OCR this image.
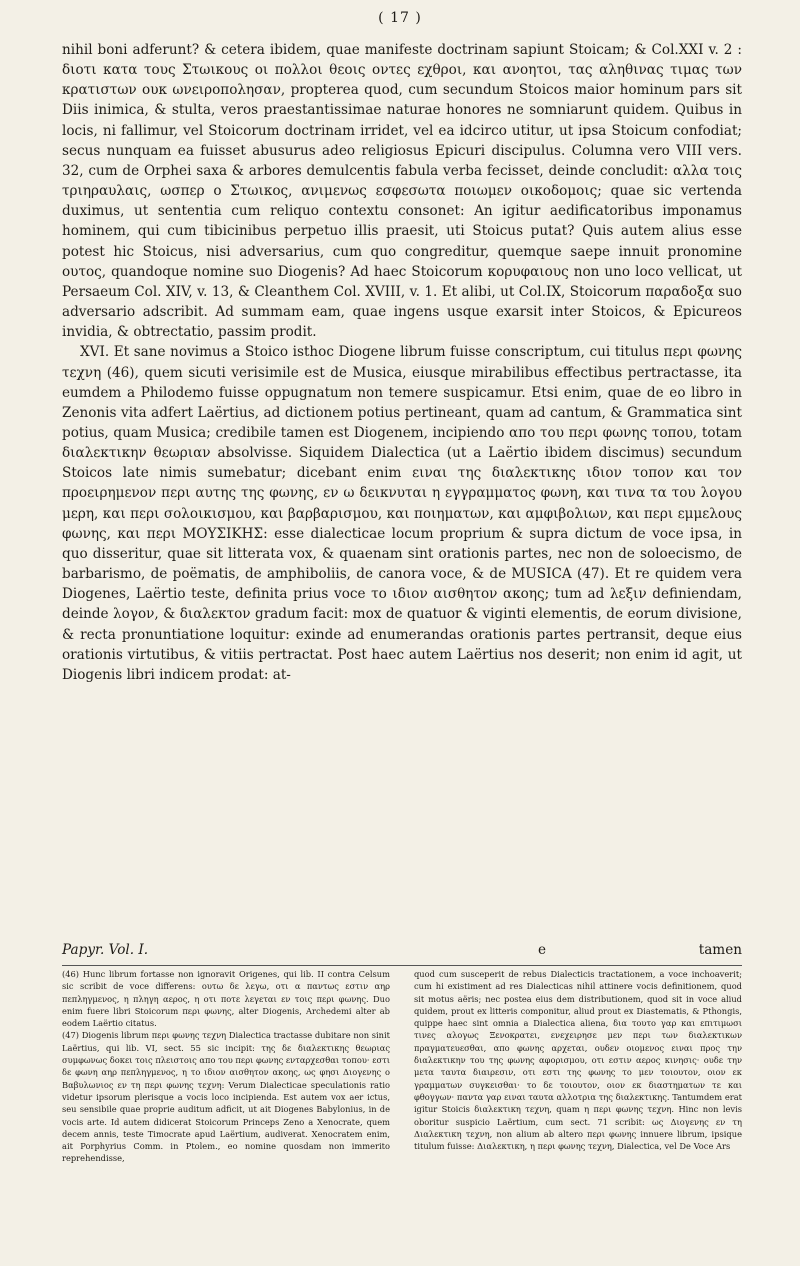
( 17 )

nihil boni adferunt? & cetera ibidem, quae manifeste doctrinam sapiunt Stoicam; & Col.XXI v. 2 : διοτι κατα τους Στωικους οι πολλοι θεοις οντες εχθροι, και ανοητοι, τας αληθινας τιμας των κρατιστων ουκ ωνειροπολησαν, propterea quod, cum secundum Stoicos maior hominum pars sit Diis inimica, & stulta, veros praestantissimae naturae honores ne somniarunt quidem. Quibus in locis, ni fallimur, vel Stoicorum doctrinam irridet, vel ea idcirco utitur, ut ipsa Stoicum confodiat; secus nunquam ea fuisset abusurus adeo religiosus Epicuri discipulus. Columna vero VIII vers. 32, cum de Orphei saxa & arbores demulcentis fabula verba fecisset, deinde concludit: αλλα τοις τριηραυλαις, ωσπερ ο Στωικος, ανιμενως εσφεσωτα ποιωμεν οικοδομοις; quae sic vertenda duximus, ut sententia cum reliquo contextu consonet: An igitur aedificatoribus imponamus hominem, qui cum tibicinibus perpetuo illis praesit, uti Stoicus putat? Quis autem alius esse potest hic Stoicus, nisi adversarius, cum quo congreditur, quemque saepe innuit pronomine ουτος, quandoque nomine suo Diogenis? Ad haec Stoicorum κορυφαιους non uno loco vellicat, ut Persaeum Col. XIV, v. 13, & Cleanthem Col. XVIII, v. 1. Et alibi, ut Col.IX, Stoicorum παραδοξα suo adversario adscribit. Ad summam eam, quae ingens usque exarsit inter Stoicos, & Epicureos invidia, & obtrectatio, passim prodit.

XVI. Et sane novimus a Stoico isthoc Diogene librum fuisse conscriptum, cui titulus περι φωνης τεχνη (46), quem sicuti verisimile est de Musica, eiusque mirabilibus effectibus pertractasse, ita eumdem a Philodemo fuisse oppugnatum non temere suspicamur. Etsi enim, quae de eo libro in Zenonis vita adfert Laërtius, ad dictionem potius pertineant, quam ad cantum, & Grammatica sint potius, quam Musica; credibile tamen est Diogenem, incipiendo απο του περι φωνης τοπου, totam διαλεκτικην θεωριαν absolvisse. Siquidem Dialectica (ut a Laërtio ibidem discimus) secundum Stoicos late nimis sumebatur; dicebant enim ειναι της διαλεκτικης ιδιον τοπον και τον προειρημενον περι αυτης της φωνης, εν ω δεικνυται η εγγραμματος φωνη, και τινα τα του λογου μερη, και περι σολοικισμου, και βαρβαρισμου, και ποιηματων, και αμφιβολιων, και περι εμμελους φωνης, και περι ΜΟΥΣΙΚΗΣ: esse dialecticae locum proprium & supra dictum de voce ipsa, in quo disseritur, quae sit litterata vox, & quaenam sint orationis partes, nec non de soloecismo, de barbarismo, de poëmatis, de amphiboliis, de canora voce, & de MUSICA (47). Et re quidem vera Diogenes, Laërtio teste, definita prius voce το ιδιον αισθητον ακοης; tum ad λεξιν definiendam, deinde λογον, & διαλεκτον gradum facit: mox de quatuor & viginti elementis, de eorum divisione, & recta pronuntiatione loquitur: exinde ad enumerandas orationis partes pertransit, deque eius orationis virtutibus, & vitiis pertractat. Post haec autem Laërtius nos deserit; non enim id agit, ut Diogenis libri indicem prodat: at-

Papyr. Vol. I.	e	tamen

(46) Hunc librum fortasse non ignoravit Origenes, qui lib. II contra Celsum sic scribit de voce differens: ουτω δε λεγω, οτι α παντως εστιν αηρ πεπληγμενος, η πληγη αερος, η οτι ποτε λεγεται εν τοις περι φωνης. Duo enim fuere libri Stoicorum περι φωνης, alter Diogenis, Archedemi alter ab eodem Laërtio citatus.

(47) Diogenis librum περι φωνης τεχνη Dialectica tractasse dubitare non sinit Laërtius, qui lib. VI, sect. 55 sic incipit: της δε διαλεκτικης θεωριας συμφωνως δοκει τοις πλειστοις απο του περι φωνης ενταρχεσθαι τοπου· εστι δε φωνη αηρ πεπληγμενος, η το ιδιον αισθητον ακοης, ως φησι Διογενης ο Βαβυλωνιος εν τη περι φωνης τεχνη: Verum Dialecticae speculationis ratio videtur ipsorum plerisque a vocis loco incipienda. Est autem vox aer ictus, seu sensibile quae proprie auditum adficit, ut ait Diogenes Babylonius, in de vocis arte. Id autem didicerat Stoicorum Princeps Zeno a Xenocrate, quem decem annis, teste Timocrate apud Laërtium, audiverat. Xenocratem enim, ait Porphyrius Comm. in Ptolem., eo nomine quosdam non immerito reprehendisse,

quod cum susceperit de rebus Dialecticis tractationem, a voce inchoaverit; cum hi existiment ad res Dialecticas nihil attinere vocis definitionem, quod sit motus aëris; nec postea eius dem distributionem, quod sit in voce aliud quidem, prout ex litteris componitur, aliud prout ex Diastematis, & Pthongis, quippe haec sint omnia a Dialectica aliena, δια τουτο γαρ και επιτιμωσι τινες αλογως Ξενοκρατει, ενεχειρησε μεν περι των διαλεκτικων πραγματευεσθαι, απο φωνης αρχεται, ουδεν οιομενος ειναι προς την διαλεκτικην του της φωνης αφορισμου, οτι εστιν αερος κινησις· ουδε την μετα ταυτα διαιρεσιν, οτι εστι της φωνης το μεν τοιουτον, οιον εκ γραμματων συγκεισθαι· το δε τοιουτον, οιον εκ διαστηματων τε και φθογγων· παντα γαρ ειναι ταυτα αλλοτρια της διαλεκτικης. Tantumdem erat igitur Stoicis διαλεκτικη τεχνη, quam η περι φωνης τεχνη. Hinc non levis oboritur suspicio Laërtium, cum sect. 71 scribit: ως Διογενης εν τη Διαλεκτικη τεχνη, non alium ab altero περι φωνης innuere librum, ipsique titulum fuisse: Διαλεκτικη, η περι φωνης τεχνη, Dialectica, vel De Voce Ars
